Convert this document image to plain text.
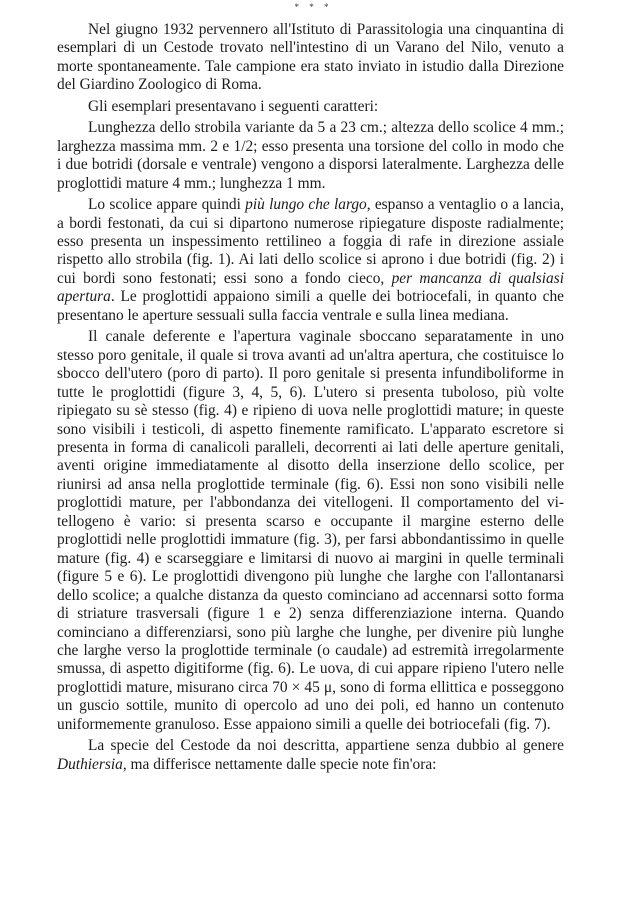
* * *

Nel giugno 1932 pervennero all'Istituto di Parassitologia una cinquantina di esemplari di un Cestode trovato nell'intestino di un Varano del Nilo, venuto a morte spontaneamente. Tale campione era stato inviato in istudio dalla Direzione del Giardino Zoologico di Roma.

Gli esemplari presentavano i seguenti caratteri:

Lunghezza dello strobila variante da 5 a 23 cm.; altezza dello scolice 4 mm.; larghezza massima mm. 2 e 1/2; esso presenta una torsione del collo in modo che i due botridi (dorsale e ventrale) vengono a disporsi lateralmente. Larghezza delle proglottidi mature 4 mm.; lunghezza 1 mm.

Lo scolice appare quindi più lungo che largo, espanso a ventaglio o a lancia, a bordi festonati, da cui si dipartono numerose ripiegature disposte radialmente; esso presenta un inspessimento rettilineo a foggia di rafe in direzione assiale rispetto allo strobila (fig. 1). Ai lati dello scolice si aprono i due botridi (fig. 2) i cui bordi sono festonati; essi sono a fondo cieco, per mancanza di qualsiasi apertura. Le proglottidi appaiono simili a quelle dei botriocefali, in quanto che presentano le aperture sessuali sulla faccia ventrale e sulla linea mediana.

Il canale deferente e l'apertura vaginale sboccano separatamente in uno stesso poro genitale, il quale si trova avanti ad un'altra apertura, che costituisce lo sbocco dell'utero (poro di parto). Il poro genitale si presenta infundiboliforme in tutte le proglottidi (figure 3, 4, 5, 6). L'utero si presenta tuboloso, più volte ripiegato su sè stesso (fig. 4) e ripieno di uova nelle proglottidi mature; in queste sono visibili i testicoli, di aspetto finemente ramificato. L'apparato escretore si presenta in forma di canalicoli paralleli, decorrenti ai lati delle aperture genitali, aventi origine immediatamente al disotto della inserzione dello scolice, per riunirsi ad ansa nella proglottide terminale (fig. 6). Essi non sono visibili nelle proglottidi mature, per l'abbondanza dei vitellogeni. Il comportamento del vitellogeno è vario: si presenta scarso e occupante il margine esterno delle proglottidi nelle proglottidi immature (fig. 3), per farsi abbondantissimo in quelle mature (fig. 4) e scarseggiare e limitarsi di nuovo ai margini in quelle terminali (figure 5 e 6). Le proglottidi divengono più lunghe che larghe con l'allontanarsi dello scolice; a qualche distanza da questo cominciano ad accennarsi sotto forma di striature trasversali (figure 1 e 2) senza differenziazione interna. Quando cominciano a differenziarsi, sono più larghe che lunghe, per divenire più lunghe che larghe verso la proglottide terminale (o caudale) ad estremità irregolarmente smussa, di aspetto digitiforme (fig. 6). Le uova, di cui appare ripieno l'utero nelle proglottidi mature, misurano circa 70 × 45 μ, sono di forma ellittica e posseggono un guscio sottile, munito di opercolo ad uno dei poli, ed hanno un contenuto uniformemente granuloso. Esse appaiono simili a quelle dei botriocefali (fig. 7).

La specie del Cestode da noi descritta, appartiene senza dubbio al genere Duthiersia, ma differisce nettamente dalle specie note fin'ora:
